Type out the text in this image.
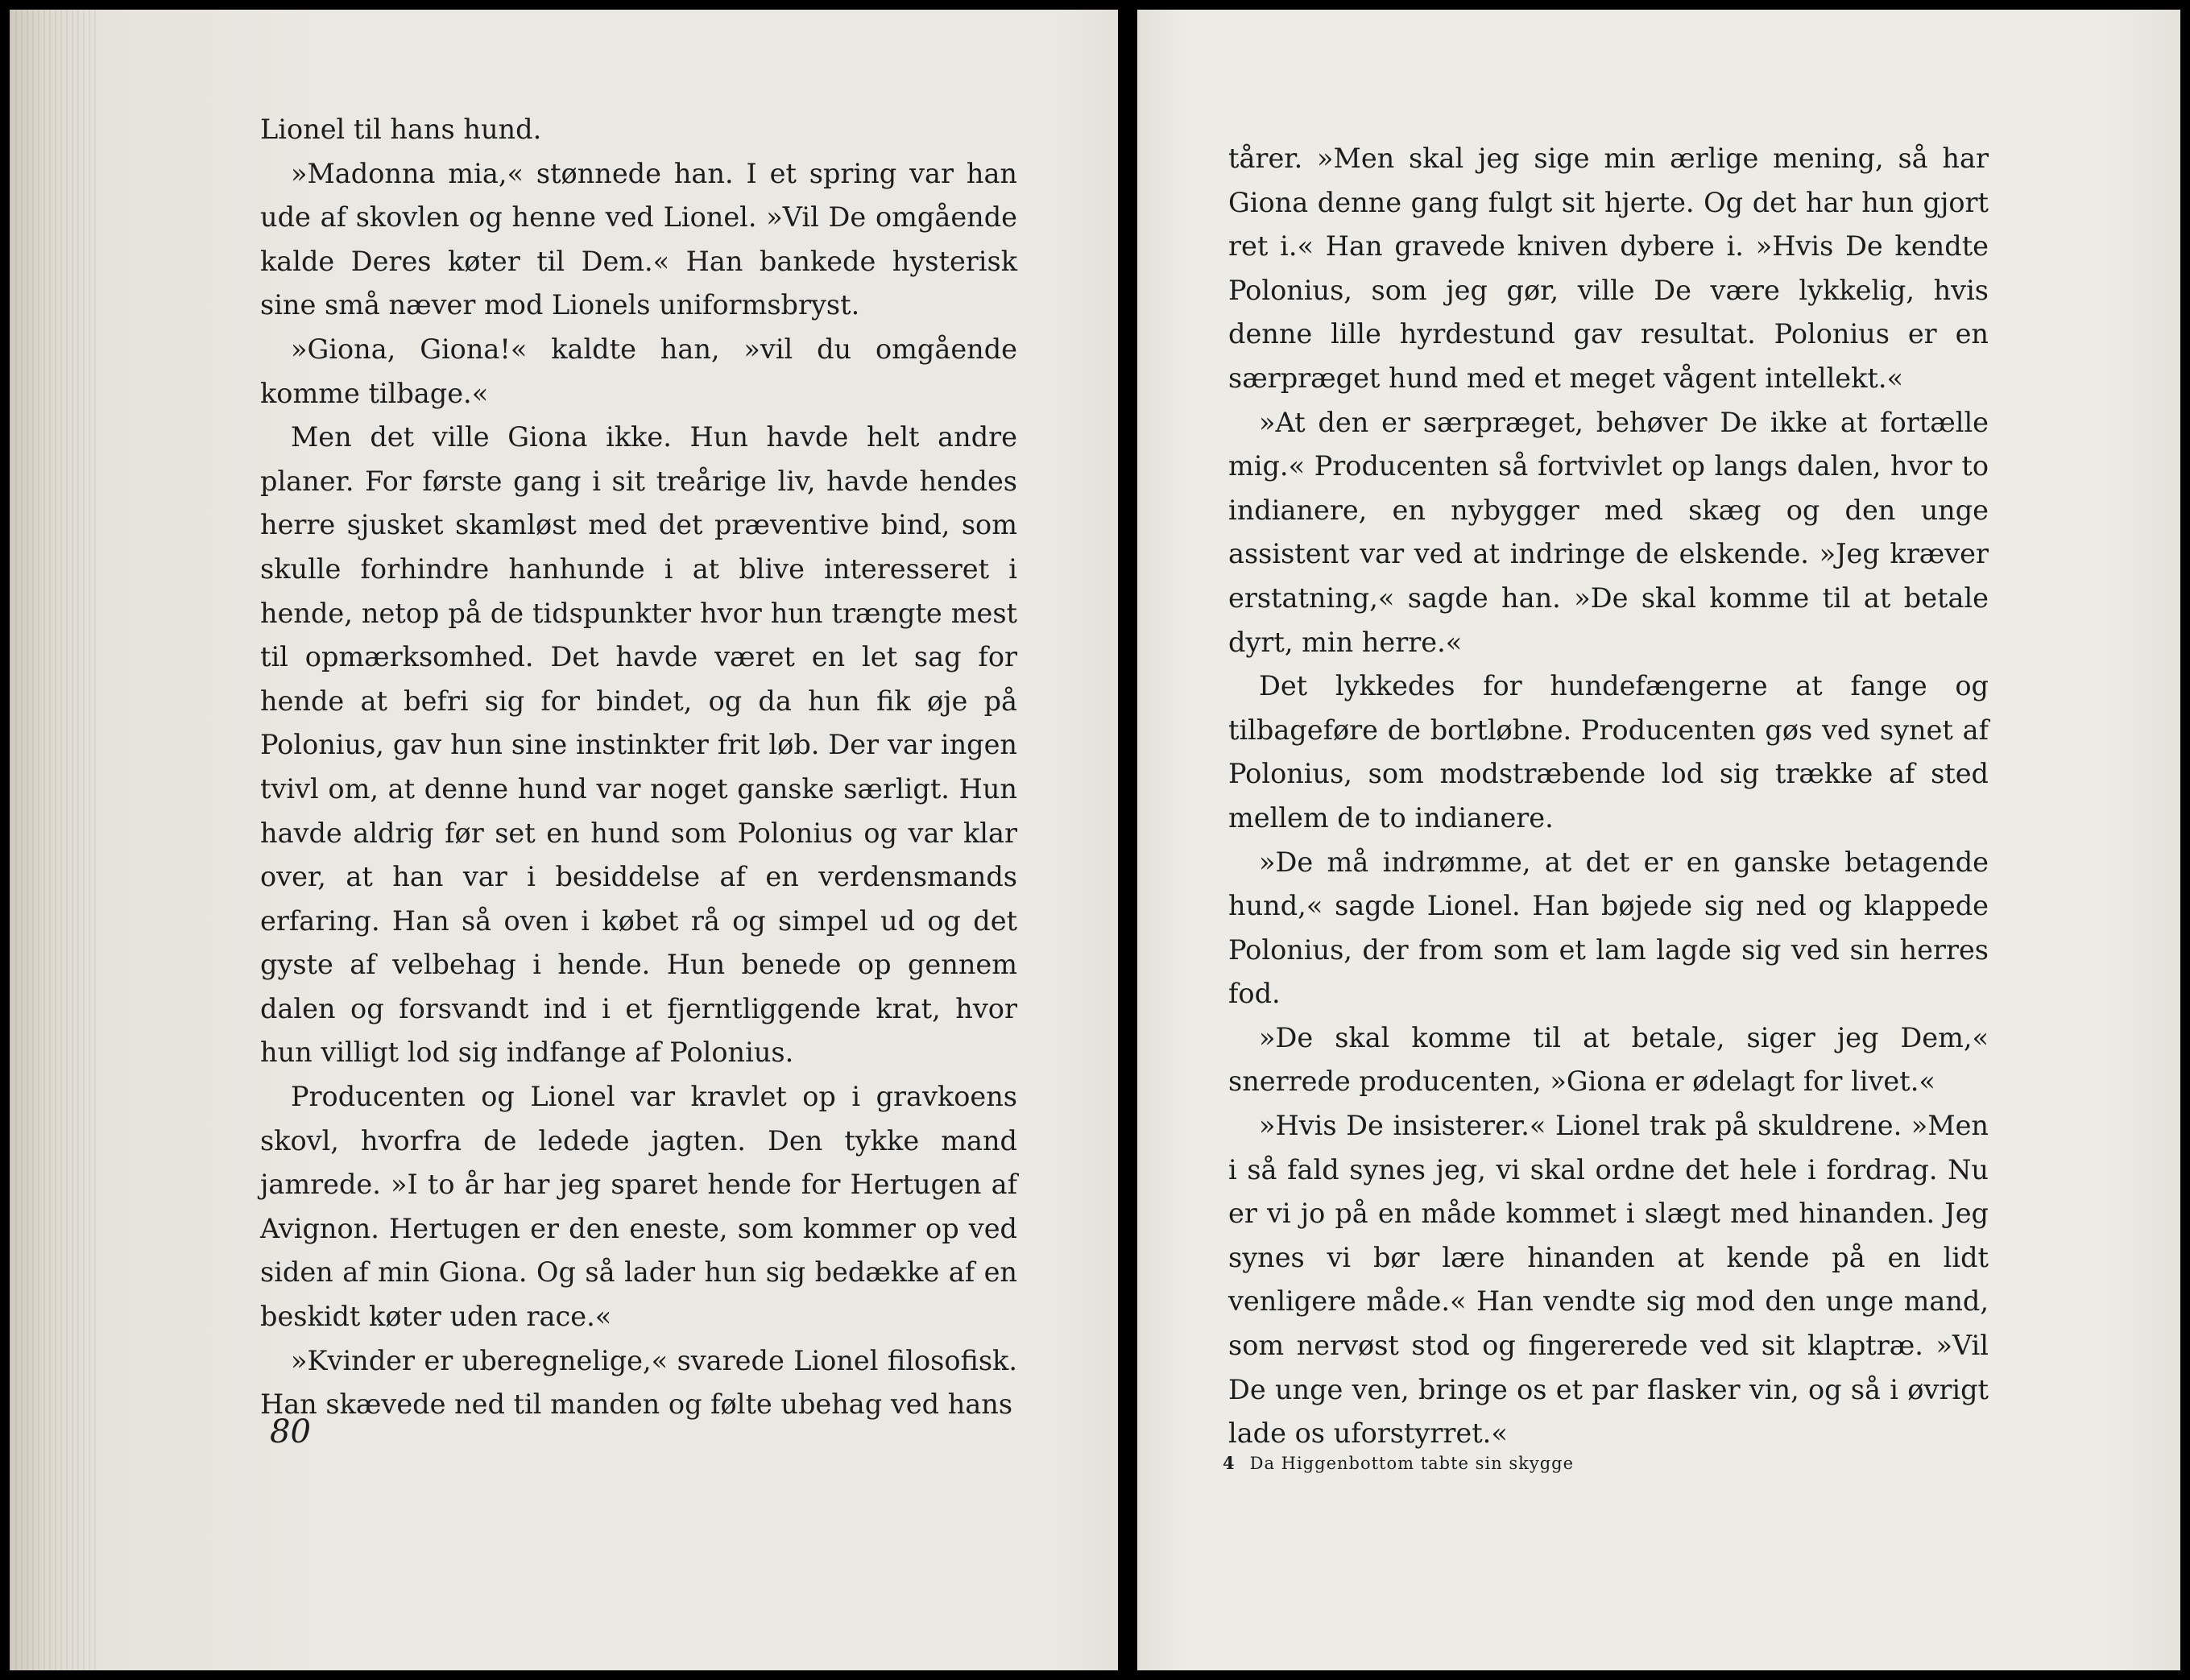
Lionel til hans hund.

»Madonna mia,« stønnede han. I et spring var han ude af skovlen og henne ved Lionel. »Vil De omgående kalde Deres køter til Dem.« Han bankede hysterisk sine små næver mod Lionels uniformsbryst.

»Giona, Giona!« kaldte han, »vil du omgående komme tilbage.«

Men det ville Giona ikke. Hun havde helt andre planer. For første gang i sit treårige liv, havde hendes herre sjusket skamløst med det præventive bind, som skulle forhindre hanhunde i at blive interesseret i hende, netop på de tidspunkter hvor hun trængte mest til opmærksomhed. Det havde været en let sag for hende at befri sig for bindet, og da hun fik øje på Polonius, gav hun sine instinkter frit løb. Der var ingen tvivl om, at denne hund var noget ganske særligt. Hun havde aldrig før set en hund som Polonius og var klar over, at han var i besiddelse af en verdensmands erfaring. Han så oven i købet rå og simpel ud og det gyste af velbehag i hende. Hun benede op gennem dalen og forsvandt ind i et fjerntliggende krat, hvor hun villigt lod sig indfange af Polonius.

Producenten og Lionel var kravlet op i gravkoens skovl, hvorfra de ledede jagten. Den tykke mand jamrede. »I to år har jeg sparet hende for Hertugen af Avignon. Hertugen er den eneste, som kommer op ved siden af min Giona. Og så lader hun sig bedække af en beskidt køter uden race.«

»Kvinder er uberegnelige,« svarede Lionel filosofisk. Han skævede ned til manden og følte ubehag ved hans

80

tårer. »Men skal jeg sige min ærlige mening, så har Giona denne gang fulgt sit hjerte. Og det har hun gjort ret i.« Han gravede kniven dybere i. »Hvis De kendte Polonius, som jeg gør, ville De være lykkelig, hvis denne lille hyrdestund gav resultat. Polonius er en særpræget hund med et meget vågent intellekt.«

»At den er særpræget, behøver De ikke at fortælle mig.« Producenten så fortvivlet op langs dalen, hvor to indianere, en nybygger med skæg og den unge assistent var ved at indringe de elskende. »Jeg kræver erstatning,« sagde han. »De skal komme til at betale dyrt, min herre.«

Det lykkedes for hundefængerne at fange og tilbageføre de bortløbne. Producenten gøs ved synet af Polonius, som modstræbende lod sig trække af sted mellem de to indianere.

»De må indrømme, at det er en ganske betagende hund,« sagde Lionel. Han bøjede sig ned og klappede Polonius, der from som et lam lagde sig ved sin herres fod.

»De skal komme til at betale, siger jeg Dem,« snerrede producenten, »Giona er ødelagt for livet.«

»Hvis De insisterer.« Lionel trak på skuldrene. »Men i så fald synes jeg, vi skal ordne det hele i fordrag. Nu er vi jo på en måde kommet i slægt med hinanden. Jeg synes vi bør lære hinanden at kende på en lidt venligere måde.« Han vendte sig mod den unge mand, som nervøst stod og fingererede ved sit klaptræ. »Vil De unge ven, bringe os et par flasker vin, og så i øvrigt lade os uforstyrret.«

4 Da Higgenbottom tabte sin skygge
